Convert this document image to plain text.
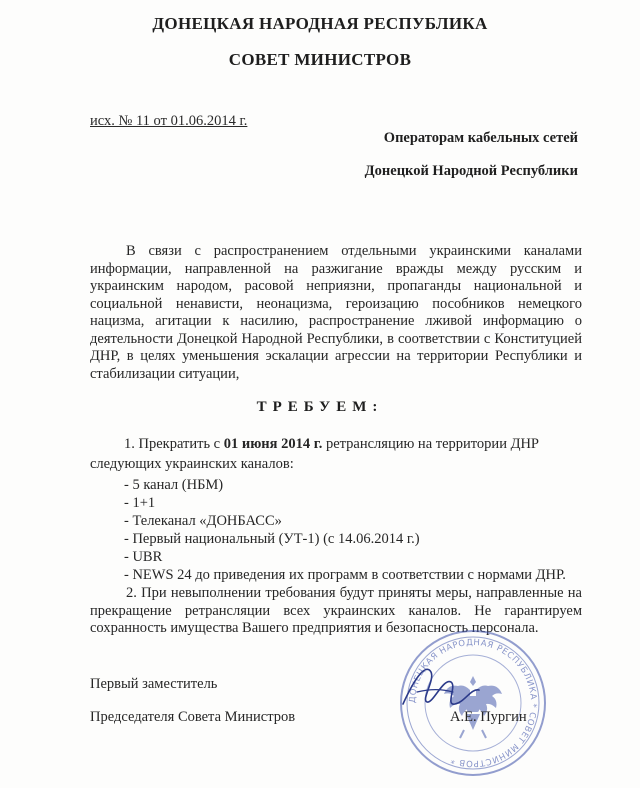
ДОНЕЦКАЯ НАРОДНАЯ РЕСПУБЛИКА
СОВЕТ МИНИСТРОВ
исх. № 11 от 01.06.2014 г.
Операторам кабельных сетей
Донецкой Народной Республики
В связи с распространением отдельными украинскими каналами информации, направленной на разжигание вражды между русским и украинским народом, расовой неприязни, пропаганды национальной и социальной ненависти, неонацизма, героизацию пособников немецкого нацизма, агитации к насилию, распространение лживой информацию о деятельности Донецкой Народной Республики, в соответствии с Конституцией ДНР, в целях уменьшения эскалации агрессии на территории Республики и стабилизации ситуации,
ТРЕБУЕМ:
1. Прекратить с 01 июня 2014 г. ретрансляцию на территории ДНР
следующих украинских каналов:
- 5 канал (НБМ)
- 1+1
- Телеканал «ДОНБАСС»
- Первый национальный (УТ-1) (с 14.06.2014 г.)
- UBR
- NEWS 24 до приведения их программ в соответствии с нормами ДНР.
2. При невыполнении требования будут приняты меры, направленные на прекращение ретрансляции всех украинских каналов. Не гарантируем сохранность имущества Вашего предприятия и безопасность персонала.
Первый заместитель
Председателя Совета Министров
ДОНЕЦКАЯ НАРОДНАЯ РЕСПУБЛИКА * СОВЕТ МИНИСТРОВ *
А.Е. Пургин
